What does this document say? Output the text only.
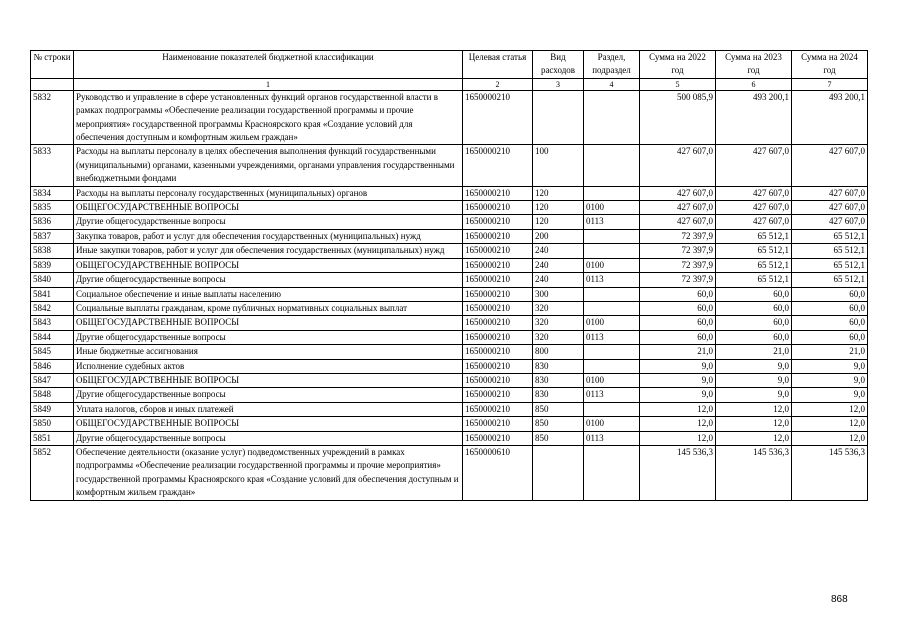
№ строки	Наименование показателей бюджетной классификации	Целевая статья	Вид расходов	Раздел, подраздел	Сумма на 2022 год	Сумма на 2023 год	Сумма на 2024 год
	1	2	3	4	5	6	7
5832	Руководство и управление в сфере установленных функций органов государственной власти в рамках подпрограммы «Обеспечение реализации государственной программы и прочие мероприятия» государственной программы Красноярского края «Создание условий для обеспечения доступным и комфортным жильем граждан»	1650000210			500 085,9	493 200,1	493 200,1
5833	Расходы на выплаты персоналу в целях обеспечения выполнения функций государственными (муниципальными) органами, казенными учреждениями, органами управления государственными внебюджетными фондами	1650000210	100		427 607,0	427 607,0	427 607,0
5834	Расходы на выплаты персоналу государственных (муниципальных) органов	1650000210	120		427 607,0	427 607,0	427 607,0
5835	ОБЩЕГОСУДАРСТВЕННЫЕ ВОПРОСЫ	1650000210	120	0100	427 607,0	427 607,0	427 607,0
5836	Другие общегосударственные вопросы	1650000210	120	0113	427 607,0	427 607,0	427 607,0
5837	Закупка товаров, работ и услуг для обеспечения государственных (муниципальных) нужд	1650000210	200		72 397,9	65 512,1	65 512,1
5838	Иные закупки товаров, работ и услуг для обеспечения государственных (муниципальных) нужд	1650000210	240		72 397,9	65 512,1	65 512,1
5839	ОБЩЕГОСУДАРСТВЕННЫЕ ВОПРОСЫ	1650000210	240	0100	72 397,9	65 512,1	65 512,1
5840	Другие общегосударственные вопросы	1650000210	240	0113	72 397,9	65 512,1	65 512,1
5841	Социальное обеспечение и иные выплаты населению	1650000210	300		60,0	60,0	60,0
5842	Социальные выплаты гражданам, кроме публичных нормативных социальных выплат	1650000210	320		60,0	60,0	60,0
5843	ОБЩЕГОСУДАРСТВЕННЫЕ ВОПРОСЫ	1650000210	320	0100	60,0	60,0	60,0
5844	Другие общегосударственные вопросы	1650000210	320	0113	60,0	60,0	60,0
5845	Иные бюджетные ассигнования	1650000210	800		21,0	21,0	21,0
5846	Исполнение судебных актов	1650000210	830		9,0	9,0	9,0
5847	ОБЩЕГОСУДАРСТВЕННЫЕ ВОПРОСЫ	1650000210	830	0100	9,0	9,0	9,0
5848	Другие общегосударственные вопросы	1650000210	830	0113	9,0	9,0	9,0
5849	Уплата налогов, сборов и иных платежей	1650000210	850		12,0	12,0	12,0
5850	ОБЩЕГОСУДАРСТВЕННЫЕ ВОПРОСЫ	1650000210	850	0100	12,0	12,0	12,0
5851	Другие общегосударственные вопросы	1650000210	850	0113	12,0	12,0	12,0
5852	Обеспечение деятельности (оказание услуг) подведомственных учреждений в рамках подпрограммы «Обеспечение реализации государственной программы и прочие мероприятия» государственной программы Красноярского края «Создание условий для обеспечения доступным и комфортным жильем граждан»	1650000610			145 536,3	145 536,3	145 536,3
868
